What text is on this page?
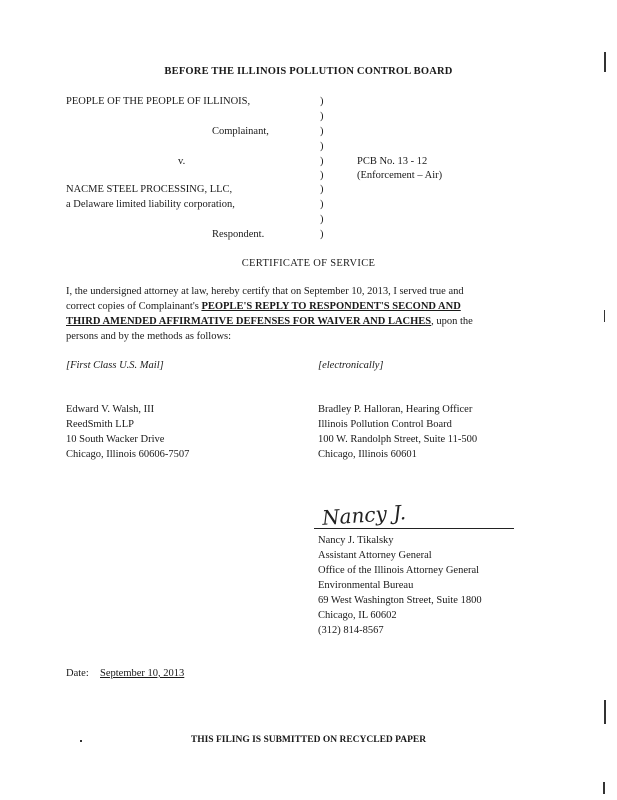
BEFORE THE ILLINOIS POLLUTION CONTROL BOARD
PEOPLE OF THE PEOPLE OF ILLINOIS,
Complainant,
v.
NACME STEEL PROCESSING, LLC,
a Delaware limited liability corporation,
Respondent.
)
)
)
)
)
)
)
)
)
)
PCB No. 13 - 12
(Enforcement – Air)
CERTIFICATE OF SERVICE
I, the undersigned attorney at law, hereby certify that on September 10, 2013, I served true and
correct copies of Complainant's PEOPLE'S REPLY TO RESPONDENT'S SECOND AND
THIRD AMENDED AFFIRMATIVE DEFENSES FOR WAIVER AND LACHES, upon the
persons and by the methods as follows:
[First Class U.S. Mail]	[electronically]
Edward V. Walsh, III
ReedSmith LLP
10 South Wacker Drive
Chicago, Illinois 60606-7507
Bradley P. Halloran, Hearing Officer
Illinois Pollution Control Board
100 W. Randolph Street, Suite 11-500
Chicago, Illinois 60601
Nancy J.
Nancy J. Tikalsky
Assistant Attorney General
Office of the Illinois Attorney General
Environmental Bureau
69 West Washington Street, Suite 1800
Chicago, IL 60602
(312) 814-8567
Date: September 10, 2013
THIS FILING IS SUBMITTED ON RECYCLED PAPER
